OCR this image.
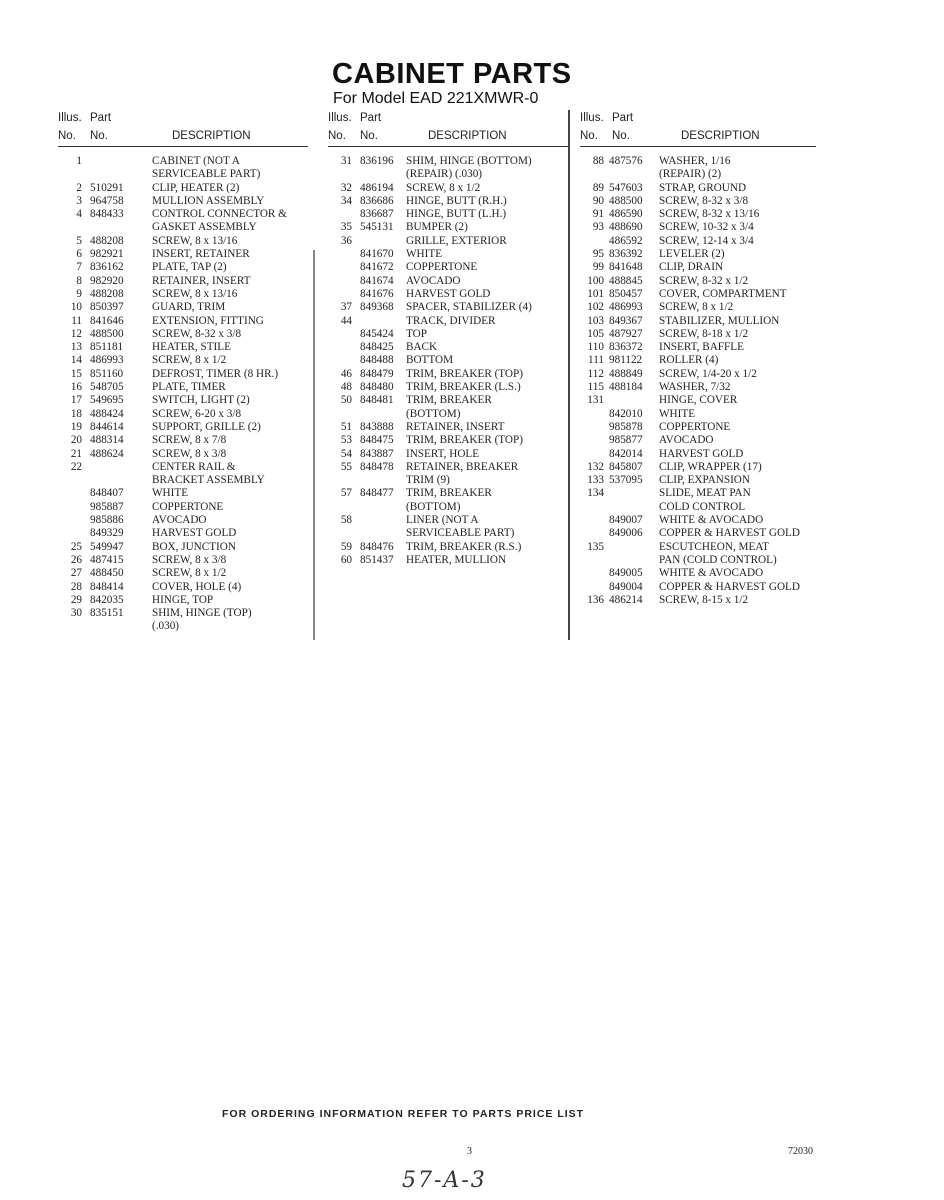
CABINET PARTS
For Model EAD 221XMWR-0
Illus. Part
No. No.	DESCRIPTION
1	CABINET (NOT A
SERVICEABLE PART)
2 510291	CLIP, HEATER (2)
3 964758	MULLION ASSEMBLY
4 848433	CONTROL CONNECTOR &
GASKET ASSEMBLY
5 488208	SCREW, 8 x 13/16
6 982921	INSERT, RETAINER
7 836162	PLATE, TAP (2)
8 982920	RETAINER, INSERT
9 488208	SCREW, 8 x 13/16
10 850397	GUARD, TRIM
11 841646	EXTENSION, FITTING
12 488500	SCREW, 8-32 x 3/8
13 851181	HEATER, STILE
14 486993	SCREW, 8 x 1/2
15 851160	DEFROST, TIMER (8 HR.)
16 548705	PLATE, TIMER
17 549695	SWITCH, LIGHT (2)
18 488424	SCREW, 6-20 x 3/8
19 844614	SUPPORT, GRILLE (2)
20 488314	SCREW, 8 x 7/8
21 488624	SCREW, 8 x 3/8
22	CENTER RAIL &
BRACKET ASSEMBLY
848407	WHITE
985887	COPPERTONE
985886	AVOCADO
849329	HARVEST GOLD
25 549947	BOX, JUNCTION
26 487415	SCREW, 8 x 3/8
27 488450	SCREW, 8 x 1/2
28 848414	COVER, HOLE (4)
29 842035	HINGE, TOP
30 835151	SHIM, HINGE (TOP)
(.030)
Illus. Part
No. No.	DESCRIPTION
31 836196 SHIM, HINGE (BOTTOM)
(REPAIR) (.030)
32 486194 SCREW, 8 x 1/2
34 836686 HINGE, BUTT (R.H.)
836687 HINGE, BUTT (L.H.)
35 545131 BUMPER (2)
36	GRILLE, EXTERIOR
841670 WHITE
841672 COPPERTONE
841674 AVOCADO
841676 HARVEST GOLD
37 849368 SPACER, STABILIZER (4)
44	TRACK, DIVIDER
845424 TOP
848425 BACK
848488 BOTTOM
46 848479 TRIM, BREAKER (TOP)
48 848480 TRIM, BREAKER (L.S.)
50 848481 TRIM, BREAKER
(BOTTOM)
51 843888 RETAINER, INSERT
53 848475 TRIM, BREAKER (TOP)
54 843887 INSERT, HOLE
55 848478 RETAINER, BREAKER
TRIM (9)
57 848477 TRIM, BREAKER
(BOTTOM)
58	LINER (NOT A
SERVICEABLE PART)
59 848476 TRIM, BREAKER (R.S.)
60 851437 HEATER, MULLION
Illus. Part
No. No.	DESCRIPTION
88 487576 WASHER, 1/16
(REPAIR) (2)
89 547603 STRAP, GROUND
90 488500 SCREW, 8-32 x 3/8
91 486590 SCREW, 8-32 x 13/16
93 488690 SCREW, 10-32 x 3/4
486592 SCREW, 12-14 x 3/4
95 836392 LEVELER (2)
99 841648 CLIP, DRAIN
100 488845 SCREW, 8-32 x 1/2
101 850457 COVER, COMPARTMENT
102 486993 SCREW, 8 x 1/2
103 849367 STABILIZER, MULLION
105 487927 SCREW, 8-18 x 1/2
110 836372 INSERT, BAFFLE
111 981122 ROLLER (4)
112 488849 SCREW, 1/4-20 x 1/2
115 488184 WASHER, 7/32
131	HINGE, COVER
842010 WHITE
985878 COPPERTONE
985877 AVOCADO
842014 HARVEST GOLD
132 845807 CLIP, WRAPPER (17)
133 537095 CLIP, EXPANSION
134	SLIDE, MEAT PAN
COLD CONTROL
849007 WHITE & AVOCADO
849006 COPPER & HARVEST GOLD
135	ESCUTCHEON, MEAT
PAN (COLD CONTROL)
849005 WHITE & AVOCADO
849004 COPPER & HARVEST GOLD
136 486214 SCREW, 8-15 x 1/2
FOR ORDERING INFORMATION REFER TO PARTS PRICE LIST
3	72030
57-A-3
